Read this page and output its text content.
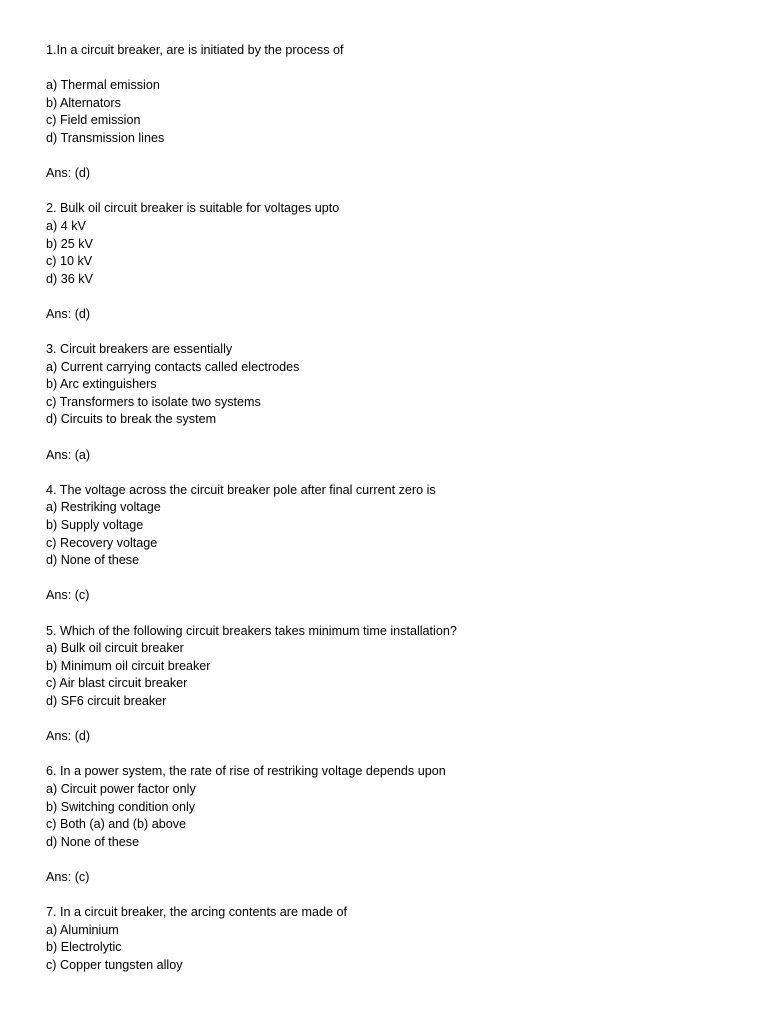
1.In a circuit breaker, are is initiated by the process of
a) Thermal emission
b) Alternators
c) Field emission
d) Transmission lines
Ans: (d)
2. Bulk oil circuit breaker is suitable for voltages upto
a) 4 kV
b) 25 kV
c) 10 kV
d) 36 kV
Ans: (d)
3. Circuit breakers are essentially
a) Current carrying contacts called electrodes
b) Arc extinguishers
c) Transformers to isolate two systems
d) Circuits to break the system
Ans: (a)
4. The voltage across the circuit breaker pole after final current zero is
a) Restriking voltage
b) Supply voltage
c) Recovery voltage
d) None of these
Ans: (c)
5. Which of the following circuit breakers takes minimum time installation?
a) Bulk oil circuit breaker
b) Minimum oil circuit breaker
c) Air blast circuit breaker
d) SF6 circuit breaker
Ans: (d)
6. In a power system, the rate of rise of restriking voltage depends upon
a) Circuit power factor only
b) Switching condition only
c) Both (a) and (b) above
d) None of these
Ans: (c)
7. In a circuit breaker, the arcing contents are made of
a) Aluminium
b) Electrolytic
c) Copper tungsten alloy
